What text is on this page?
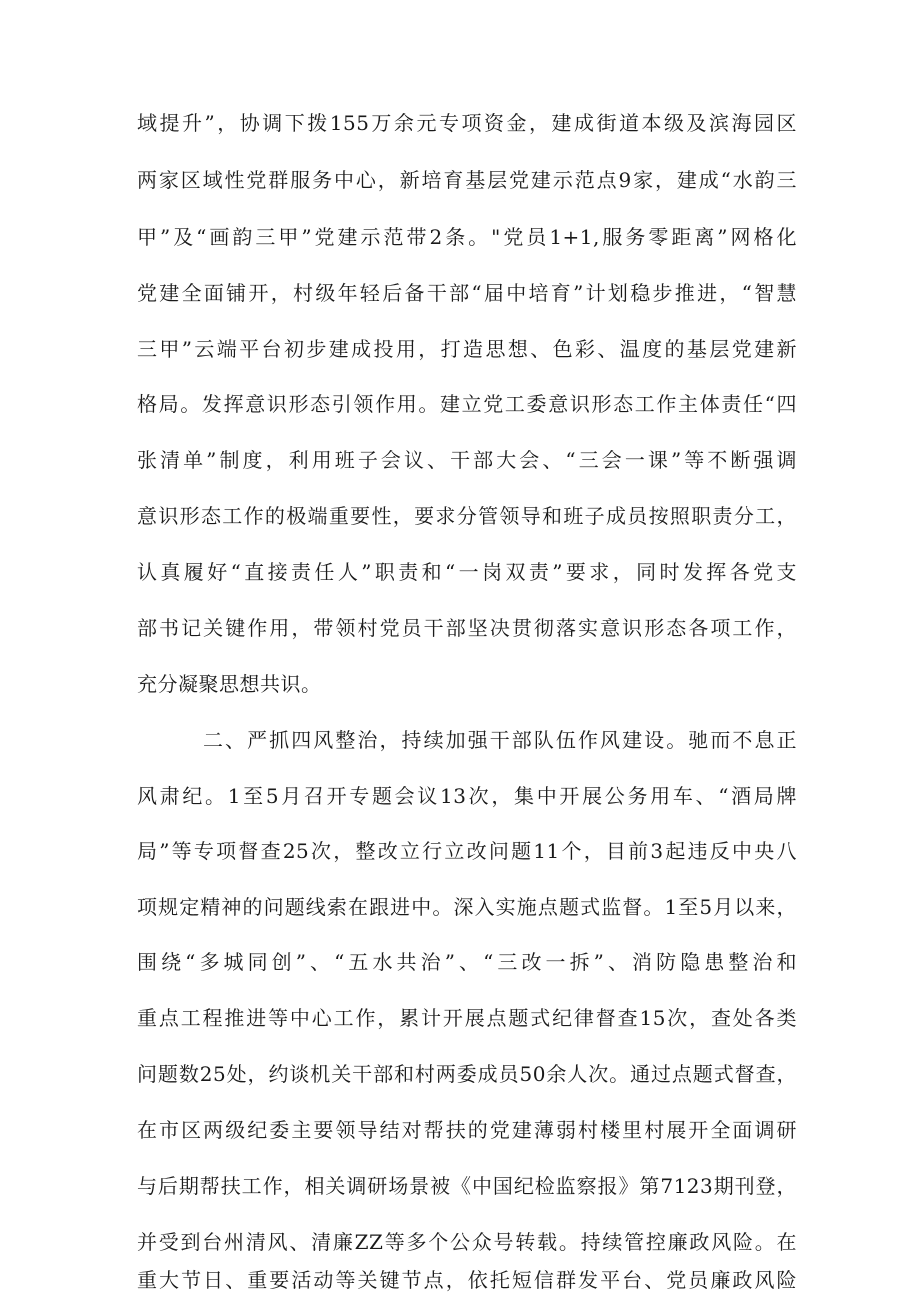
域提升”，协调下拨155万余元专项资金，建成街道本级及滨海园区
两家区域性党群服务中心，新培育基层党建示范点9家，建成“水韵三
甲”及“画韵三甲”党建示范带2条。"党员1+1,服务零距离”网格化
党建全面铺开，村级年轻后备干部“届中培育”计划稳步推进，“智慧
三甲”云端平台初步建成投用，打造思想、色彩、温度的基层党建新
格局。发挥意识形态引领作用。建立党工委意识形态工作主体责任“四
张清单”制度，利用班子会议、干部大会、“三会一课”等不断强调
意识形态工作的极端重要性，要求分管领导和班子成员按照职责分工，
认真履好“直接责任人”职责和“一岗双责”要求，同时发挥各党支
部书记关键作用，带领村党员干部坚决贯彻落实意识形态各项工作，
充分凝聚思想共识。
二、严抓四风整治，持续加强干部队伍作风建设。驰而不息正
风肃纪。1至5月召开专题会议13次，集中开展公务用车、“酒局牌
局”等专项督查25次，整改立行立改问题11个，目前3起违反中央八
项规定精神的问题线索在跟进中。深入实施点题式监督。1至5月以来，
围绕“多城同创”、“五水共治”、“三改一拆”、消防隐患整治和
重点工程推进等中心工作，累计开展点题式纪律督查15次，查处各类
问题数25处，约谈机关干部和村两委成员50余人次。通过点题式督查，
在市区两级纪委主要领导结对帮扶的党建薄弱村楼里村展开全面调研
与后期帮扶工作，相关调研场景被《中国纪检监察报》第7123期刊登，
并受到台州清风、清廉ZZ等多个公众号转载。持续管控廉政风险。在
重大节日、重要活动等关键节点，依托短信群发平台、党员廉政风险
